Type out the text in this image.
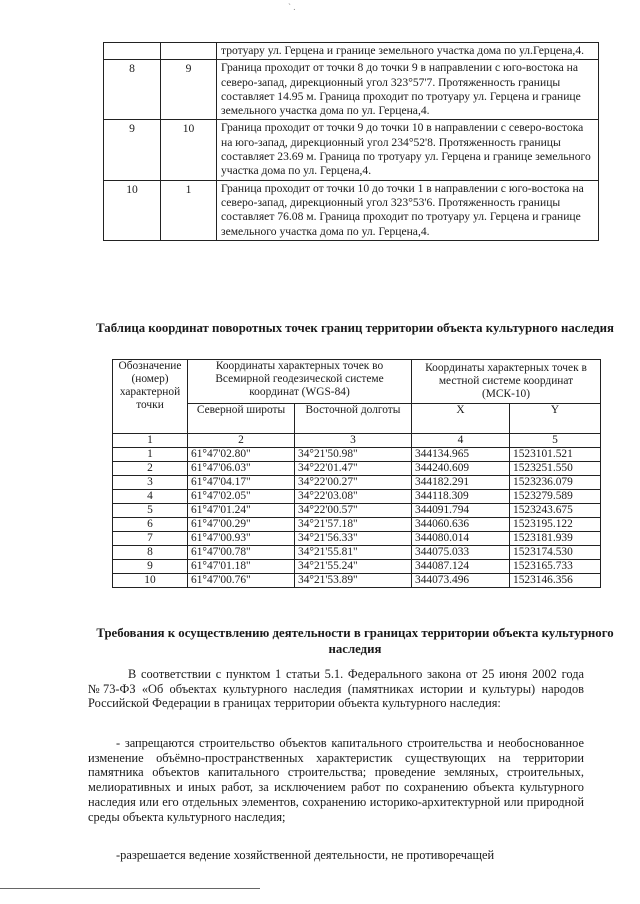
` .
		тротуару ул. Герцена и границе земельного участка дома по ул.Герцена,4.
8	9	Граница проходит от точки 8 до точки 9 в направлении с юго-востока на северо-запад, дирекционный угол 323°57'7. Протяженность границы составляет 14.95 м. Граница проходит по тротуару ул. Герцена и границе земельного участка дома по ул. Герцена,4.
9	10	Граница проходит от точки 9 до точки 10 в направлении с северо-востока на юго-запад, дирекционный угол 234°52'8. Протяженность границы составляет 23.69 м. Граница по тротуару ул. Герцена и границе земельного участка дома по ул. Герцена,4.
10	1	Граница проходит от точки 10 до точки 1 в направлении с юго-востока на северо-запад, дирекционный угол 323°53'6. Протяженность границы составляет 76.08 м. Граница проходит по тротуару ул. Герцена и границе земельного участка дома по ул. Герцена,4.
Таблица координат поворотных точек границ территории объекта культурного наследия
Обозначение (номер) характерной точки	Координаты характерных точек во Всемирной геодезической системе координат (WGS-84)		Координаты характерных точек в местной системе координат (МСК-10)	
	Северной широты	Восточной долготы	X	Y
1	2	3	4	5
1	61°47'02.80"	34°21'50.98"	344134.965	1523101.521
2	61°47'06.03"	34°22'01.47"	344240.609	1523251.550
3	61°47'04.17"	34°22'00.27"	344182.291	1523236.079
4	61°47'02.05"	34°22'03.08"	344118.309	1523279.589
5	61°47'01.24"	34°22'00.57"	344091.794	1523243.675
6	61°47'00.29"	34°21'57.18"	344060.636	1523195.122
7	61°47'00.93"	34°21'56.33"	344080.014	1523181.939
8	61°47'00.78"	34°21'55.81"	344075.033	1523174.530
9	61°47'01.18"	34°21'55.24"	344087.124	1523165.733
10	61°47'00.76"	34°21'53.89"	344073.496	1523146.356
Требования к осуществлению деятельности в границах территории объекта культурного наследия
В соответствии с пунктом 1 статьи 5.1. Федерального закона от 25 июня 2002 года №73-ФЗ «Об объектах культурного наследия (памятниках истории и культуры) народов Российской Федерации в границах территории объекта культурного наследия:
- запрещаются строительство объектов капитального строительства и необоснованное изменение объёмно-пространственных характеристик существующих на территории памятника объектов капитального строительства; проведение земляных, строительных, мелиоративных и иных работ, за исключением работ по сохранению объекта культурного наследия или его отдельных элементов, сохранению историко-архитектурной или природной среды объекта культурного наследия;
-разрешается ведение хозяйственной деятельности, не противоречащей
